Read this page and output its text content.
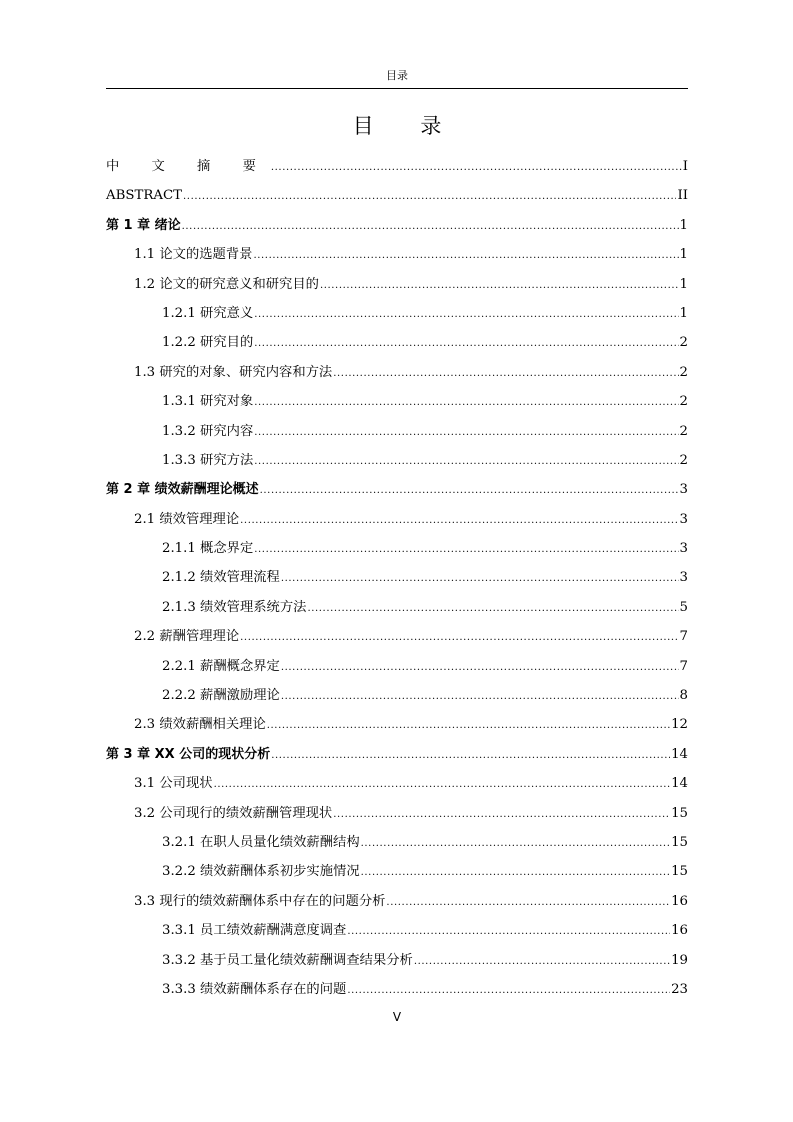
目录
目 录
中 文 摘 要 .....	I
ABSTRACT .....	II
第 1 章 绪论 .....	1
1.1 论文的选题背景 .....	1
1.2 论文的研究意义和研究目的 .....	1
1.2.1 研究意义 .....	1
1.2.2 研究目的 .....	2
1.3 研究的对象、研究内容和方法 .....	2
1.3.1 研究对象 .....	2
1.3.2 研究内容 .....	2
1.3.3 研究方法 .....	2
第 2 章 绩效薪酬理论概述 .....	3
2.1 绩效管理理论 .....	3
2.1.1 概念界定 .....	3
2.1.2 绩效管理流程 .....	3
2.1.3 绩效管理系统方法 .....	5
2.2 薪酬管理理论 .....	7
2.2.1 薪酬概念界定 .....	7
2.2.2 薪酬激励理论 .....	8
2.3 绩效薪酬相关理论 .....	12
第 3 章 XX 公司的现状分析 .....	14
3.1 公司现状 .....	14
3.2 公司现行的绩效薪酬管理现状 .....	15
3.2.1 在职人员量化绩效薪酬结构 .....	15
3.2.2 绩效薪酬体系初步实施情况 .....	15
3.3 现行的绩效薪酬体系中存在的问题分析 .....	16
3.3.1 员工绩效薪酬满意度调查 .....	16
3.3.2 基于员工量化绩效薪酬调查结果分析 .....	19
3.3.3 绩效薪酬体系存在的问题 .....	23
V
